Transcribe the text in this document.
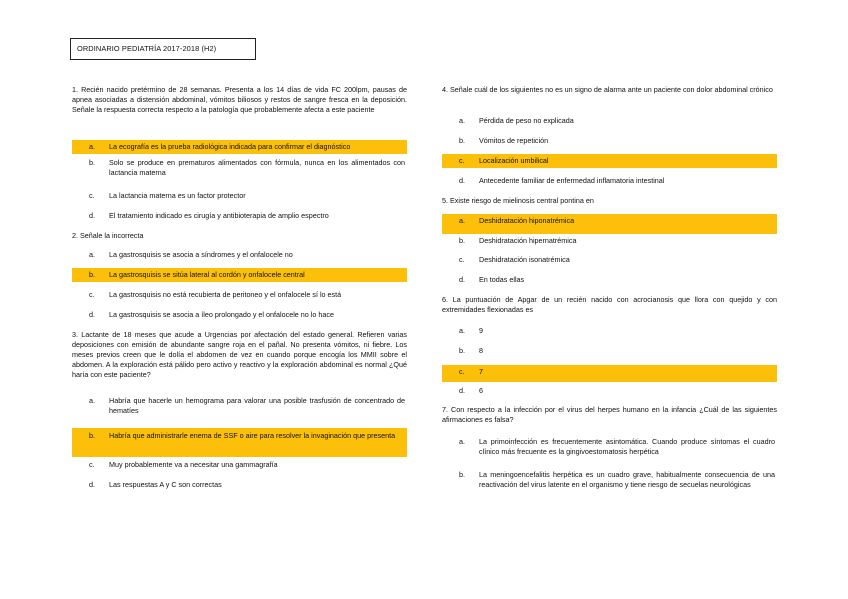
ORDINARIO PEDIATRÍA 2017-2018 (H2)
1. Recién nacido pretérmino de 28 semanas. Presenta a los 14 días de vida FC 200lpm, pausas de apnea asociadas a distensión abdominal, vómitos biliosos y restos de sangre fresca en la deposición. Señale la respuesta correcta respecto a la patología que probablemente afecta a este paciente
a. La ecografía es la prueba radiológica indicada para confirmar el diagnóstico
b. Solo se produce en prematuros alimentados con fórmula, nunca en los alimentados con lactancia materna
c. La lactancia materna es un factor protector
d. El tratamiento indicado es cirugía y antibioterapia de amplio espectro
2. Señale la incorrecta
a. La gastrosquisis se asocia a síndromes y el onfalocele no
b. La gastrosquisis se sitúa lateral al cordón y onfalocele central
c. La gastrosquisis no está recubierta de peritoneo y el onfalocele sí lo está
d. La gastrosquisis se asocia a íleo prolongado y el onfalocele no lo hace
3. Lactante de 18 meses que acude a Urgencias por afectación del estado general. Refieren varias deposiciones con emisión de abundante sangre roja en el pañal. No presenta vómitos, ni fiebre. Los meses previos creen que le dolía el abdomen de vez en cuando porque encogía los MMII sobre el abdomen. A la exploración está pálido pero activo y reactivo y la exploración abdominal es normal ¿Qué haría con este paciente?
a. Habría que hacerle un hemograma para valorar una posible trasfusión de concentrado de hematíes
b. Habría que administrarle enema de SSF o aire para resolver la invaginación que presenta
c. Muy probablemente va a necesitar una gammagrafía
d. Las respuestas A y C son correctas
4. Señale cuál de los siguientes no es un signo de alarma ante un paciente con dolor abdominal crónico
a. Pérdida de peso no explicada
b. Vómitos de repetición
c. Localización umbilical
d. Antecedente familiar de enfermedad inflamatoria intestinal
5. Existe riesgo de mielinosis central pontina en
a. Deshidratación hiponatrémica
b. Deshidratación hipernatrémica
c. Deshidratación isonatrémica
d. En todas ellas
6. La puntuación de Apgar de un recién nacido con acrocianosis que llora con quejido y con extremidades flexionadas es
a. 9
b. 8
c. 7
d. 6
7. Con respecto a la infección por el virus del herpes humano en la infancia ¿Cuál de las siguientes afirmaciones es falsa?
a. La primoinfección es frecuentemente asintomática. Cuando produce síntomas el cuadro clínico más frecuente es la gingivoestomatosis herpética
b. La meningoencefalitis herpética es un cuadro grave, habitualmente consecuencia de una reactivación del virus latente en el organismo y tiene riesgo de secuelas neurológicas
